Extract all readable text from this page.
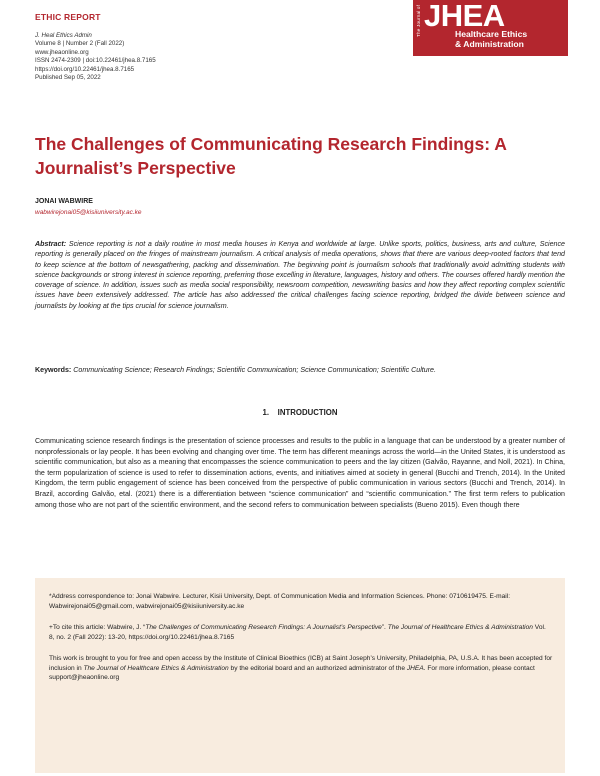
ETHIC REPORT
J. Heal Ethics Admin
Volume 8 | Number 2 (Fall 2022)
www.jheaonline.org
ISSN 2474-2309 | doi:10.22461/jhea.8.7165
https://doi.org/10.22461/jhea.8.7165
Published Sep 05, 2022
The Journal of JHEA
Healthcare Ethics
& Administration
The Challenges of Communicating Research Findings: A Journalist’s Perspective
JONAI WABWIRE
wabwirejonai05@kisiiuniversity.ac.ke

Abstract: Science reporting is not a daily routine in most media houses in Kenya and worldwide at large. Unlike sports, politics, business, arts and culture, Science reporting is generally placed on the fringes of mainstream journalism. A critical analysis of media operations, shows that there are various deep-rooted factors that tend to keep science at the bottom of newsgathering, packing and dissemination. The beginning point is journalism schools that traditionally avoid admitting students with science backgrounds or strong interest in science reporting, preferring those excelling in literature, languages, history and others. The courses offered hardly mention the coverage of science. In addition, issues such as media social responsibility, newsroom competition, newswriting basics and how they affect reporting complex scientific issues have been extensively addressed. The article has also addressed the critical challenges facing science reporting, bridged the divide between science and journalists by looking at the tips crucial for science journalism.

Keywords: Communicating Science; Research Findings; Scientific Communication; Science Communication; Scientific Culture.

1.    INTRODUCTION

Communicating science research findings is the presentation of science processes and results to the public in a language that can be understood by a greater number of nonprofessionals or lay people. It has been evolving and changing over time. The term has different meanings across the world—in the United States, it is understood as scientific communication, but also as a meaning that encompasses the science communication to peers and the lay citizen (Galvão, Rayanne, and Noll, 2021). In China, the term popularization of science is used to refer to dissemination actions, events, and initiatives aimed at society in general (Bucchi and Trench, 2014). In the United Kingdom, the term public engagement of science has been conceived from the perspective of public communication in various sectors (Bucchi and Trench, 2014). In Brazil, according Galvão, etal. (2021) there is a differentiation between “science communication” and “scientific communication.” The first term refers to publication among those who are not part of the scientific environment, and the second refers to communication between specialists (Bueno 2015). Even though there

*Address correspondence to: Jonai Wabwire. Lecturer, Kisii University, Dept. of Communication Media and Information Sciences. Phone: 0710619475. E-mail: Wabwirejonai05@gmail.com, wabwirejonai05@kisiiuniversity.ac.ke

+To cite this article: Wabwire, J. “The Challenges of Communicating Research Findings: A Journalist’s Perspective”. The Journal of Healthcare Ethics & Administration Vol. 8, no. 2 (Fall 2022): 13-20, https://doi.org/10.22461/jhea.8.7165

This work is brought to you for free and open access by the Institute of Clinical Bioethics (ICB) at Saint Joseph’s University, Philadelphia, PA, U.S.A. It has been accepted for inclusion in The Journal of Healthcare Ethics & Administration by the editorial board and an authorized administrator of the JHEA. For more information, please contact support@jheaonline.org
